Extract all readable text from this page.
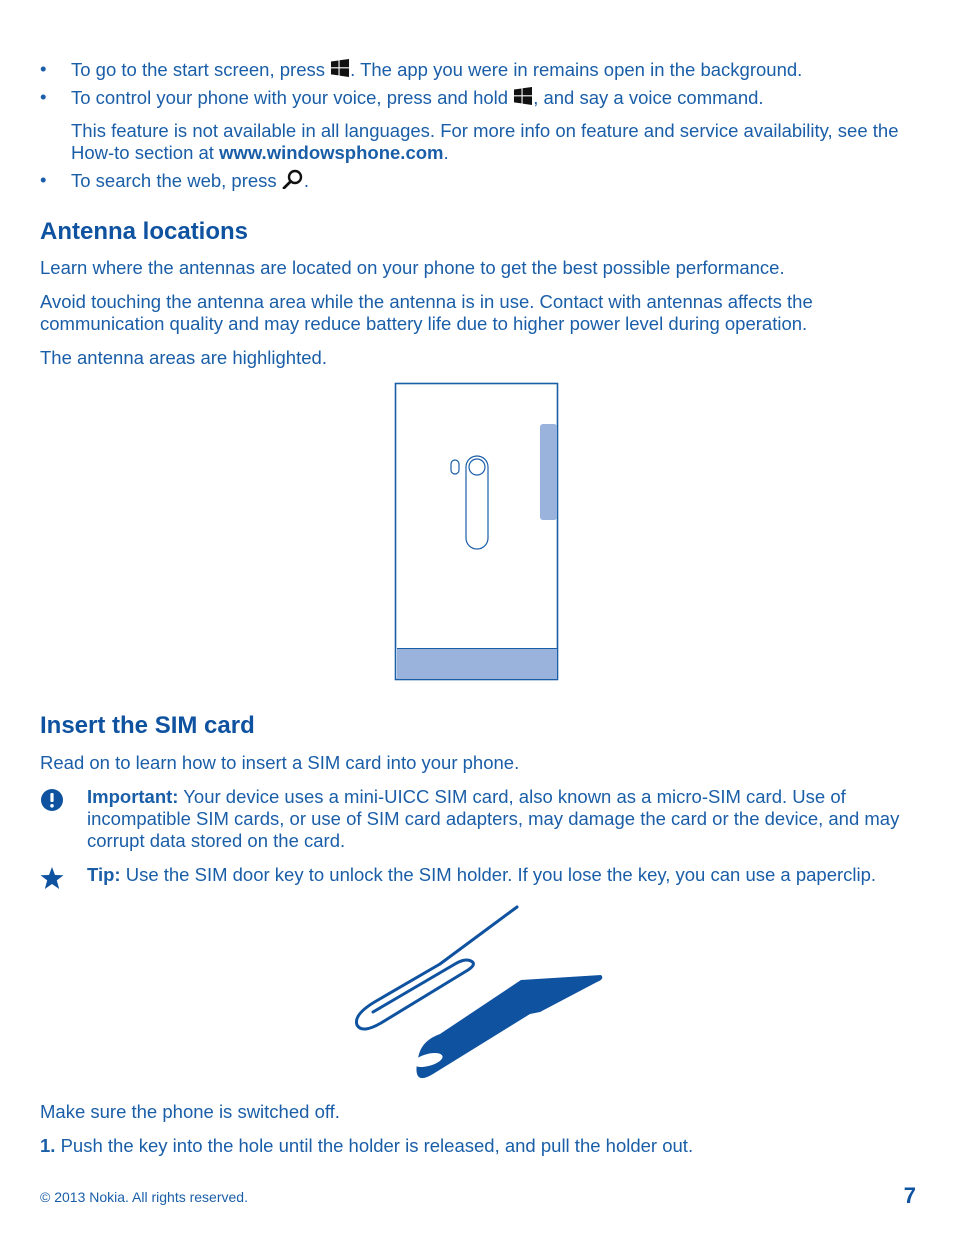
• To go to the start screen, press . The app you were in remains open in the background.
• To control your phone with your voice, press and hold , and say a voice command.

This feature is not available in all languages. For more info on feature and service availability, see the How-to section at www.windowsphone.com.

• To search the web, press .
Antenna locations

Learn where the antennas are located on your phone to get the best possible performance.

Avoid touching the antenna area while the antenna is in use. Contact with antennas affects the communication quality and may reduce battery life due to higher power level during operation.

The antenna areas are highlighted.

Insert the SIM card

Read on to learn how to insert a SIM card into your phone.

Important: Your device uses a mini-UICC SIM card, also known as a micro-SIM card. Use of incompatible SIM cards, or use of SIM card adapters, may damage the card or the device, and may corrupt data stored on the card.

Tip: Use the SIM door key to unlock the SIM holder. If you lose the key, you can use a paperclip.

Make sure the phone is switched off.

1. Push the key into the hole until the holder is released, and pull the holder out.

© 2013 Nokia. All rights reserved.	7
